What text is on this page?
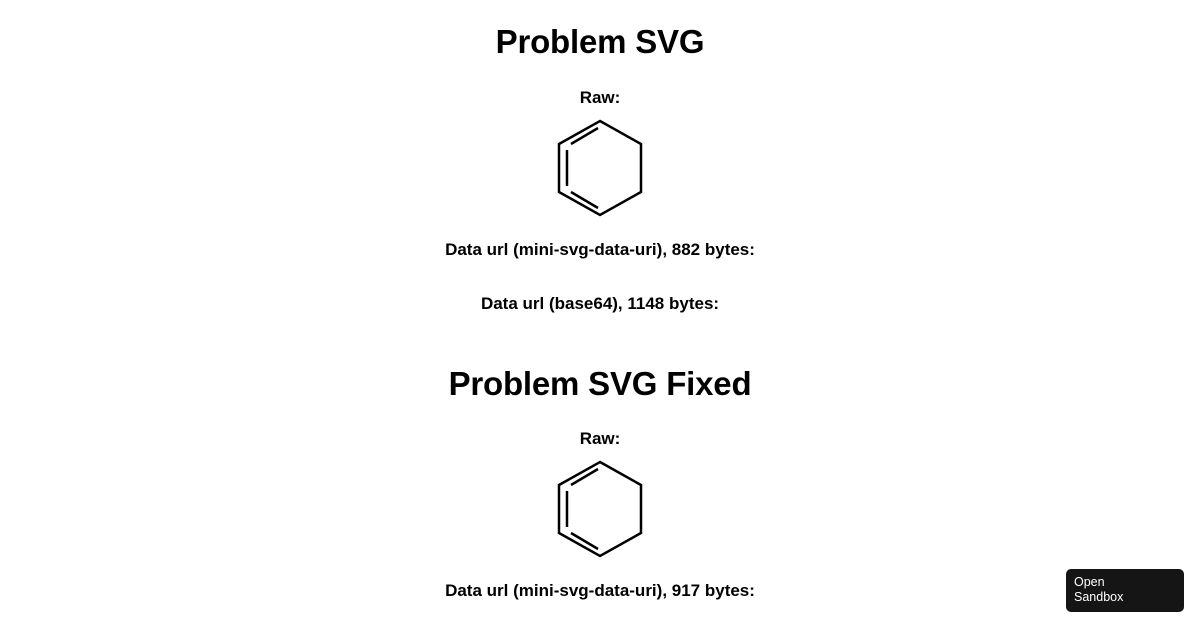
Problem SVG
Raw:

Data url (mini-svg-data-uri), 882 bytes:

Data url (base64), 1148 bytes:

Problem SVG Fixed
Raw:

Data url (mini-svg-data-uri), 917 bytes:	Open
Sandbox
